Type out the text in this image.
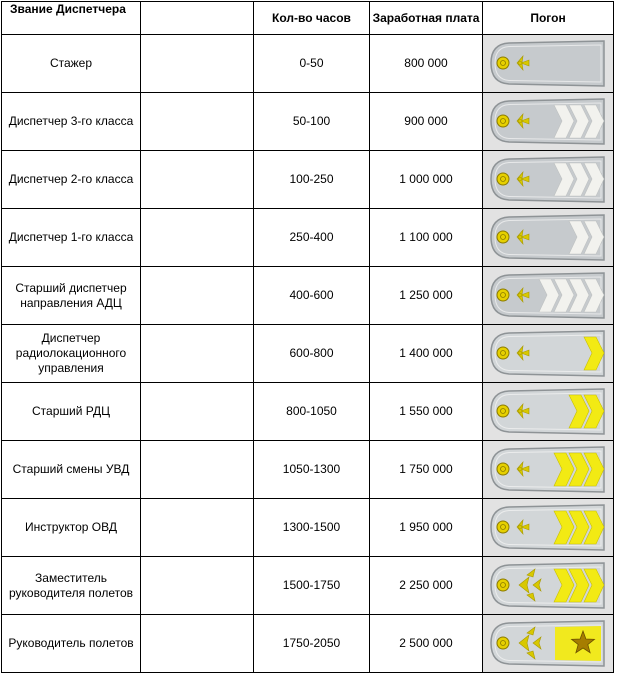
Звание Диспетчера		Кол-во часов	Заработная плата	Погон
Стажер		0-50	800 000	

Диспетчер 3-го класса		50-100	900 000	

Диспетчер 2-го класса		100-250	1 000 000	

Диспетчер 1-го класса		250-400	1 100 000	

Старший диспетчер направления АДЦ		400-600	1 250 000	

Диспетчер радиолокационного управления		600-800	1 400 000	

Старший РДЦ		800-1050	1 550 000	

Старший смены УВД		1050-1300	1 750 000	

Инструктор ОВД		1300-1500	1 950 000	

Заместитель руководителя полетов		1500-1750	2 250 000	

Руководитель полетов		1750-2050	2 500 000	
